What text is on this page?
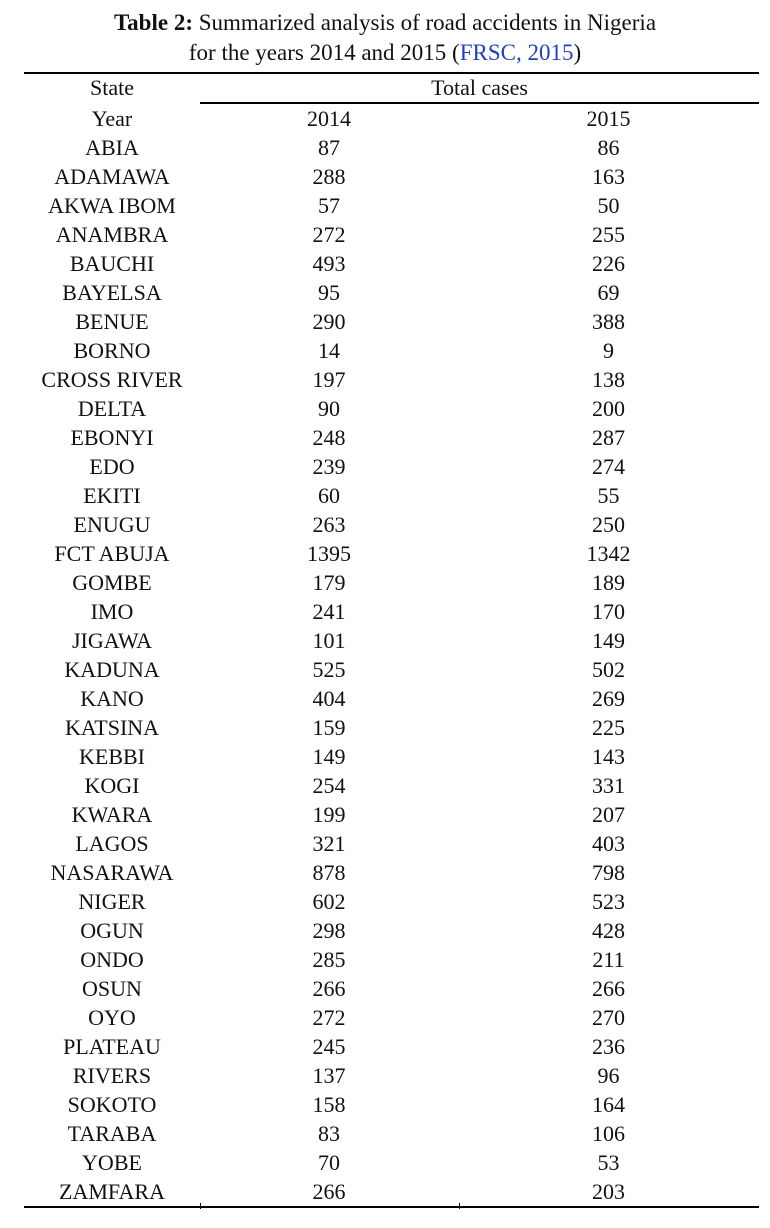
Table 2: Summarized analysis of road accidents in Nigeria
for the years 2014 and 2015 (FRSC, 2015)
State	Total cases
Year	2014	2015
ABIA	87	86
ADAMAWA	288	163
AKWA IBOM	57	50
ANAMBRA	272	255
BAUCHI	493	226
BAYELSA	95	69
BENUE	290	388
BORNO	14	9
CROSS RIVER	197	138
DELTA	90	200
EBONYI	248	287
EDO	239	274
EKITI	60	55
ENUGU	263	250
FCT ABUJA	1395	1342
GOMBE	179	189
IMO	241	170
JIGAWA	101	149
KADUNA	525	502
KANO	404	269
KATSINA	159	225
KEBBI	149	143
KOGI	254	331
KWARA	199	207
LAGOS	321	403
NASARAWA	878	798
NIGER	602	523
OGUN	298	428
ONDO	285	211
OSUN	266	266
OYO	272	270
PLATEAU	245	236
RIVERS	137	96
SOKOTO	158	164
TARABA	83	106
YOBE	70	53
ZAMFARA	266	203
